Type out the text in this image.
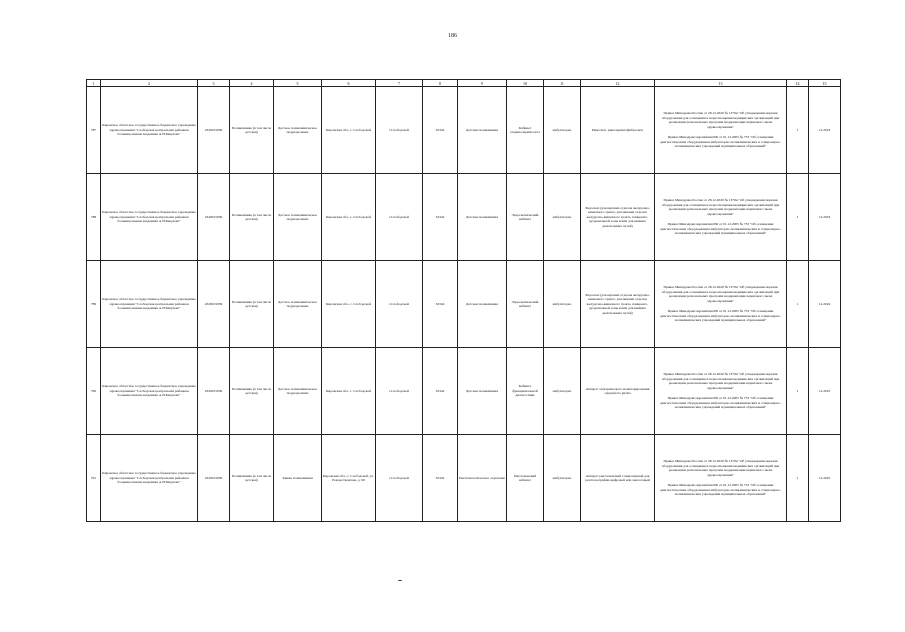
186
1	2	3	4	5	6	7	8	9	10	11	12	13	14	15
787	Кировское областное государственное бюджетное учреждение здравоохранения "Слободская центральная районная больница имени академика А.Н.Бакулева"	4329015939	Поликлиника (в том числе детская)	Детское поликлиническое подразделение	Кировская обл., г. Слободской	г.Слободской	32342	Детская поликлиника	Кабинет оториноларинголога	амбулаторно	Риноскоп, риноларингофиброскоп	Приказ Минздрава России от 28.12.2020 № 1379н "Об утверждении перечня оборудования для оснащения и переоснащения медицинских организаций при реализации региональных программ модернизации первичного звена здравоохранения"
Приказ Минздравсоцразвития РФ от 01.12.2005 № 753 "Об оснащении диагностическим оборудованием амбулаторно-поликлинических и стационарно-поликлинических учреждений муниципальных образований"	1	12.2023
788	Кировское областное государственное бюджетное учреждение здравоохранения "Слободская центральная районная больница имени академика А.Н.Бакулева"	4329015939	Поликлиника (в том числе детская)	Детское поликлиническое подразделение	Кировская обл., г. Слободской	г.Слободской	32342	Детская поликлиника	Эндоскопический кабинет	амбулаторно	Эндоскоп (для верхних отделов желудочно-кишечного тракта, для нижних отделов желудочно-кишечного тракта, панкреато-дуоденальной зоны и/или для нижних дыхательных путей)	Приказ Минздрава России от 28.12.2020 № 1379н "Об утверждении перечня оборудования для оснащения и переоснащения медицинских организаций при реализации региональных программ модернизации первичного звена здравоохранения"
Приказ Минздравсоцразвития РФ от 01.12.2005 № 753 "Об оснащении диагностическим оборудованием амбулаторно-поликлинических и стационарно-поликлинических учреждений муниципальных образований"	1	12.2023
789	Кировское областное государственное бюджетное учреждение здравоохранения "Слободская центральная районная больница имени академика А.Н.Бакулева"	4329015939	Поликлиника (в том числе детская)	Детское поликлиническое подразделение	Кировская обл., г. Слободской	г.Слободской	32342	Детская поликлиника	Эндоскопический кабинет	амбулаторно	Эндоскоп (для верхних отделов желудочно-кишечного тракта, для нижних отделов желудочно-кишечного тракта, панкреато-дуоденальной зоны и/или для нижних дыхательных путей)	Приказ Минздрава России от 28.12.2020 № 1379н "Об утверждении перечня оборудования для оснащения и переоснащения медицинских организаций при реализации региональных программ модернизации первичного звена здравоохранения"
Приказ Минздравсоцразвития РФ от 01.12.2005 № 753 "Об оснащении диагностическим оборудованием амбулаторно-поликлинических и стационарно-поликлинических учреждений муниципальных образований"	1	12.2024
790	Кировское областное государственное бюджетное учреждение здравоохранения "Слободская центральная районная больница имени академика А.Н.Бакулева"	4329015939	Поликлиника (в том числе детская)	Детское поликлиническое подразделение	Кировская обл., г. Слободской	г.Слободской	32342	Детская поликлиника	Кабинет функциональной диагностики	амбулаторно	Аппарат электрического мониторирования сердечного ритма	Приказ Минздрава России от 28.12.2020 № 1379н "Об утверждении перечня оборудования для оснащения и переоснащения медицинских организаций при реализации региональных программ модернизации первичного звена здравоохранения"
Приказ Минздравсоцразвития РФ от 01.12.2005 № 753 "Об оснащении диагностическим оборудованием амбулаторно-поликлинических и стационарно-поликлинических учреждений муниципальных образований"	1	12.2025
791	Кировское областное государственное бюджетное учреждение здравоохранения "Слободская центральная районная больница имени академика А.Н.Бакулева"	4329015939	Поликлиника (в том числе детская)	Заявка поликлиники	Кировская обл., г. Слободской, ул. Рождественская, д. 90	г.Слободской	32342	Рентгенологическое отделение	Рентгеновский кабинет	амбулаторно	Аппарат рентгеновский стационарный для рентгенографии цифровой или аналоговый	Приказ Минздрава России от 28.12.2020 № 1379н "Об утверждении перечня оборудования для оснащения и переоснащения медицинских организаций при реализации региональных программ модернизации первичного звена здравоохранения"
Приказ Минздравсоцразвития РФ от 01.12.2005 № 753 "Об оснащении диагностическим оборудованием амбулаторно-поликлинических и стационарно-поликлинических учреждений муниципальных образований"	1	12.2025
